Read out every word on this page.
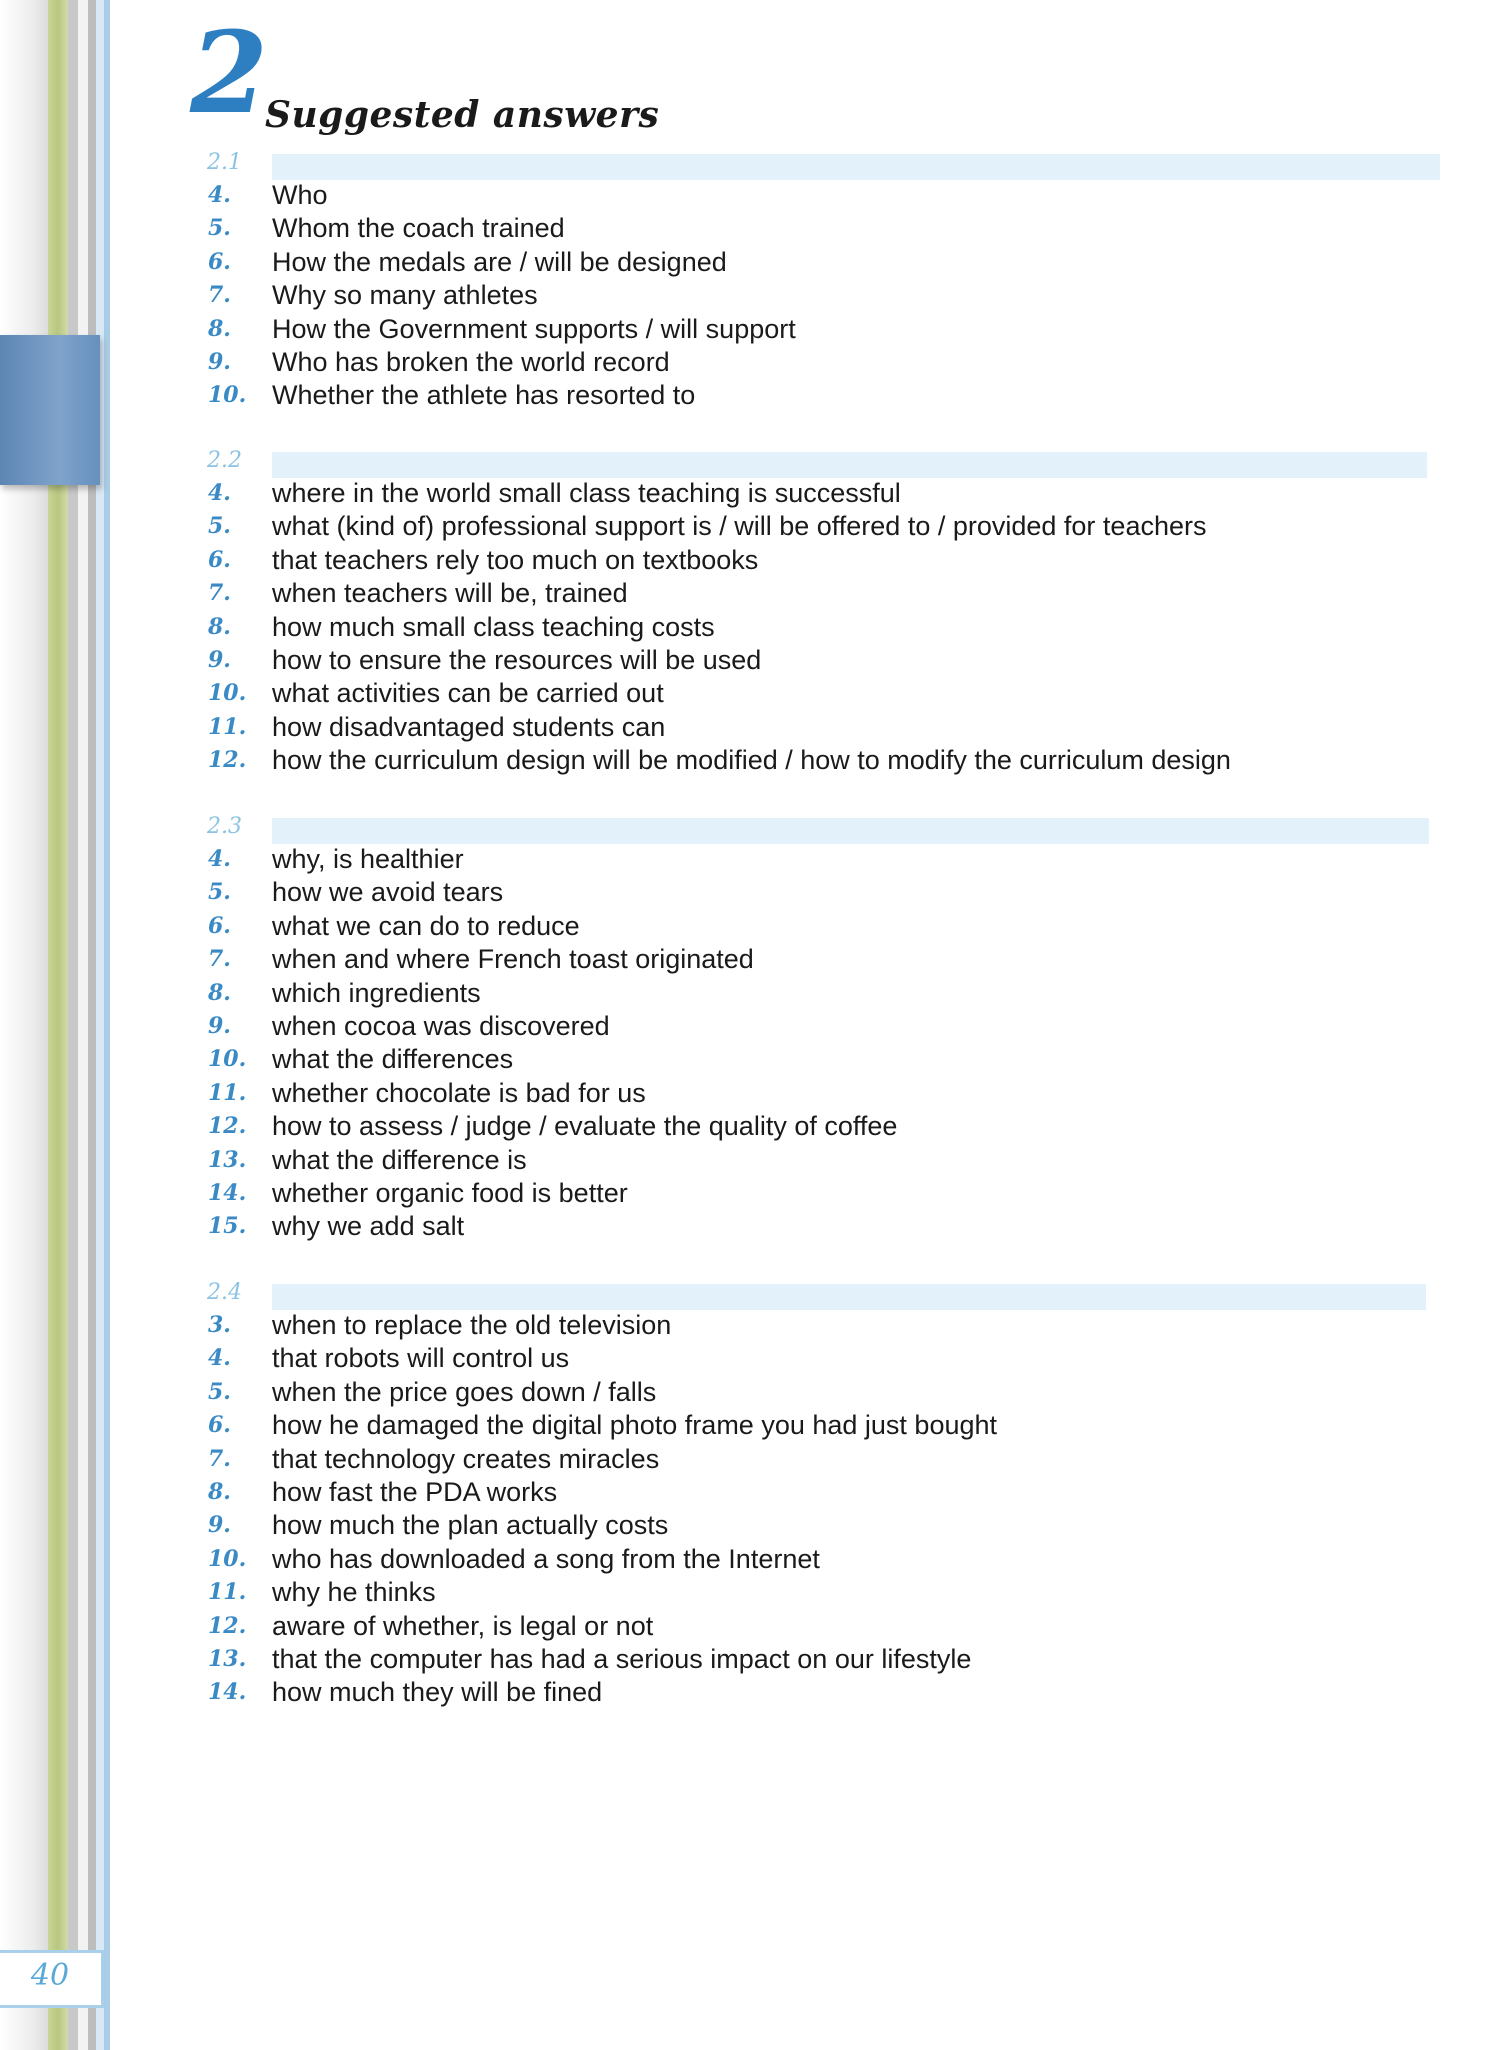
40
2
Suggested answers
2.1
4. Who
5. Whom the coach trained
6. How the medals are / will be designed
7. Why so many athletes
8. How the Government supports / will support
9. Who has broken the world record
10. Whether the athlete has resorted to
2.2
4. where in the world small class teaching is successful
5. what (kind of) professional support is / will be offered to / provided for teachers
6. that teachers rely too much on textbooks
7. when teachers will be, trained
8. how much small class teaching costs
9. how to ensure the resources will be used
10. what activities can be carried out
11. how disadvantaged students can
12. how the curriculum design will be modified / how to modify the curriculum design
2.3
4. why, is healthier
5. how we avoid tears
6. what we can do to reduce
7. when and where French toast originated
8. which ingredients
9. when cocoa was discovered
10. what the differences
11. whether chocolate is bad for us
12. how to assess / judge / evaluate the quality of coffee
13. what the difference is
14. whether organic food is better
15. why we add salt
2.4
3. when to replace the old television
4. that robots will control us
5. when the price goes down / falls
6. how he damaged the digital photo frame you had just bought
7. that technology creates miracles
8. how fast the PDA works
9. how much the plan actually costs
10. who has downloaded a song from the Internet
11. why he thinks
12. aware of whether, is legal or not
13. that the computer has had a serious impact on our lifestyle
14. how much they will be fined
